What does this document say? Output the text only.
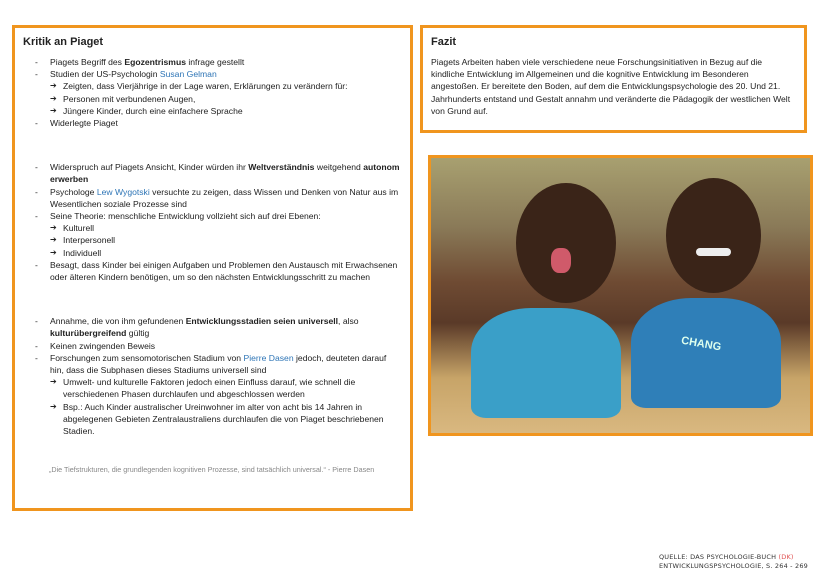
Kritik an Piaget
- Piagets Begriff des Egozentrismus infrage gestellt
- Studien der US-Psychologin Susan Gelman
➔ Zeigten, dass Vierjährige in der Lage waren, Erklärungen zu verändern für:
➔ Personen mit verbundenen Augen,
➔ Jüngere Kinder, durch eine einfachere Sprache
- Widerlegte Piaget
- Widerspruch auf Piagets Ansicht, Kinder würden ihr Weltverständnis weitgehend autonom erwerben
- Psychologe Lew Wygotski versuchte zu zeigen, dass Wissen und Denken von Natur aus im Wesentlichen soziale Prozesse sind
- Seine Theorie: menschliche Entwicklung vollzieht sich auf drei Ebenen:
➔ Kulturell
➔ Interpersonell
➔ Individuell
- Besagt, dass Kinder bei einigen Aufgaben und Problemen den Austausch mit Erwachsenen oder älteren Kindern benötigen, um so den nächsten Entwicklungsschritt zu machen
- Annahme, die von ihm gefundenen Entwicklungsstadien seien universell, also kulturübergreifend gültig
- Keinen zwingenden Beweis
- Forschungen zum sensomotorischen Stadium von Pierre Dasen jedoch, deuteten darauf hin, dass die Subphasen dieses Stadiums universell sind
➔ Umwelt- und kulturelle Faktoren jedoch einen Einfluss darauf, wie schnell die verschiedenen Phasen durchlaufen und abgeschlossen werden
➔ Bsp.: Auch Kinder australischer Ureinwohner im alter von acht bis 14 Jahren in abgelegenen Gebieten Zentralaustraliens durchlaufen die von Piaget beschriebenen Stadien.
„Die Tiefstrukturen, die grundlegenden kognitiven Prozesse, sind tatsächlich universal.“ - Pierre Dasen
Fazit

Piagets Arbeiten haben viele verschiedene neue Forschungsinitiativen in Bezug auf die kindliche Entwicklung im Allgemeinen und die kognitive Entwicklung im Besonderen angestoßen. Er bereitete den Boden, auf dem die Entwicklungspsychologie des 20. Und 21. Jahrhunderts entstand und Gestalt annahm und veränderte die Pädagogik der westlichen Welt von Grund auf.

CHANG
QUELLE: DAS PSYCHOLOGIE-BUCH (DK)
ENTWICKLUNGSPSYCHOLOGIE, S. 264 - 269
